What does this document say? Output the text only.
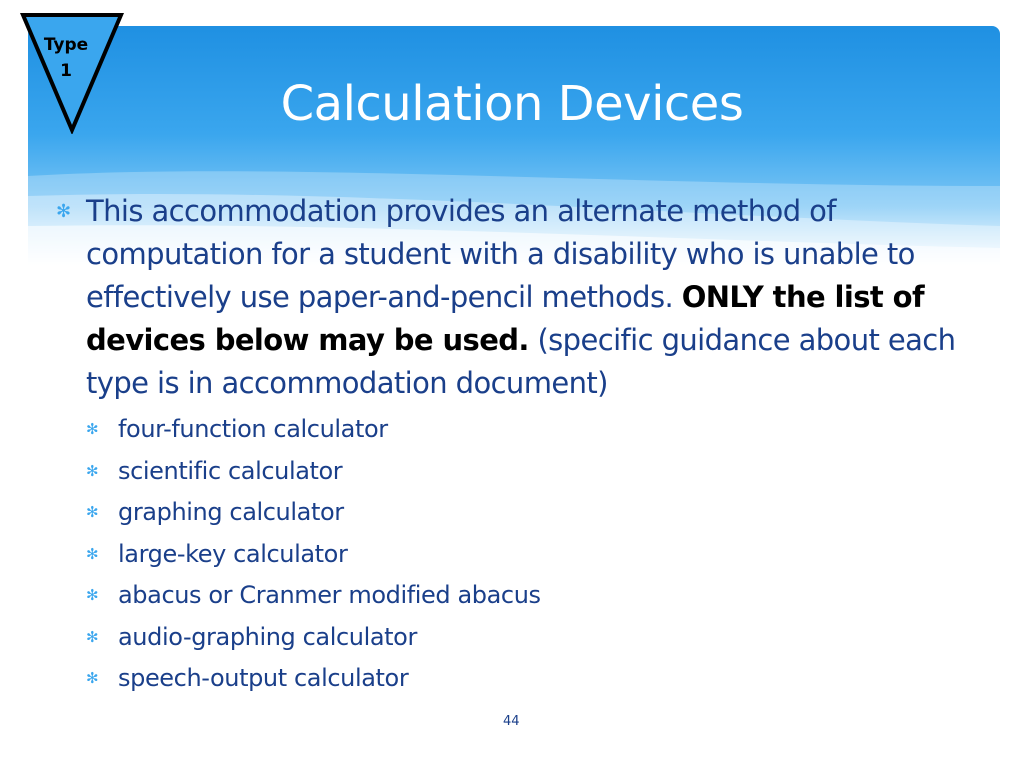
Calculation Devices
Type
1
✻ This accommodation provides an alternate method of computation for a student with a disability who is unable to effectively use paper-and-pencil methods. ONLY the list of devices below may be used. (specific guidance about each type is in accommodation document)
✻ four-function calculator
✻ scientific calculator
✻ graphing calculator
✻ large-key calculator
✻ abacus or Cranmer modified abacus
✻ audio-graphing calculator
✻ speech-output calculator
44
